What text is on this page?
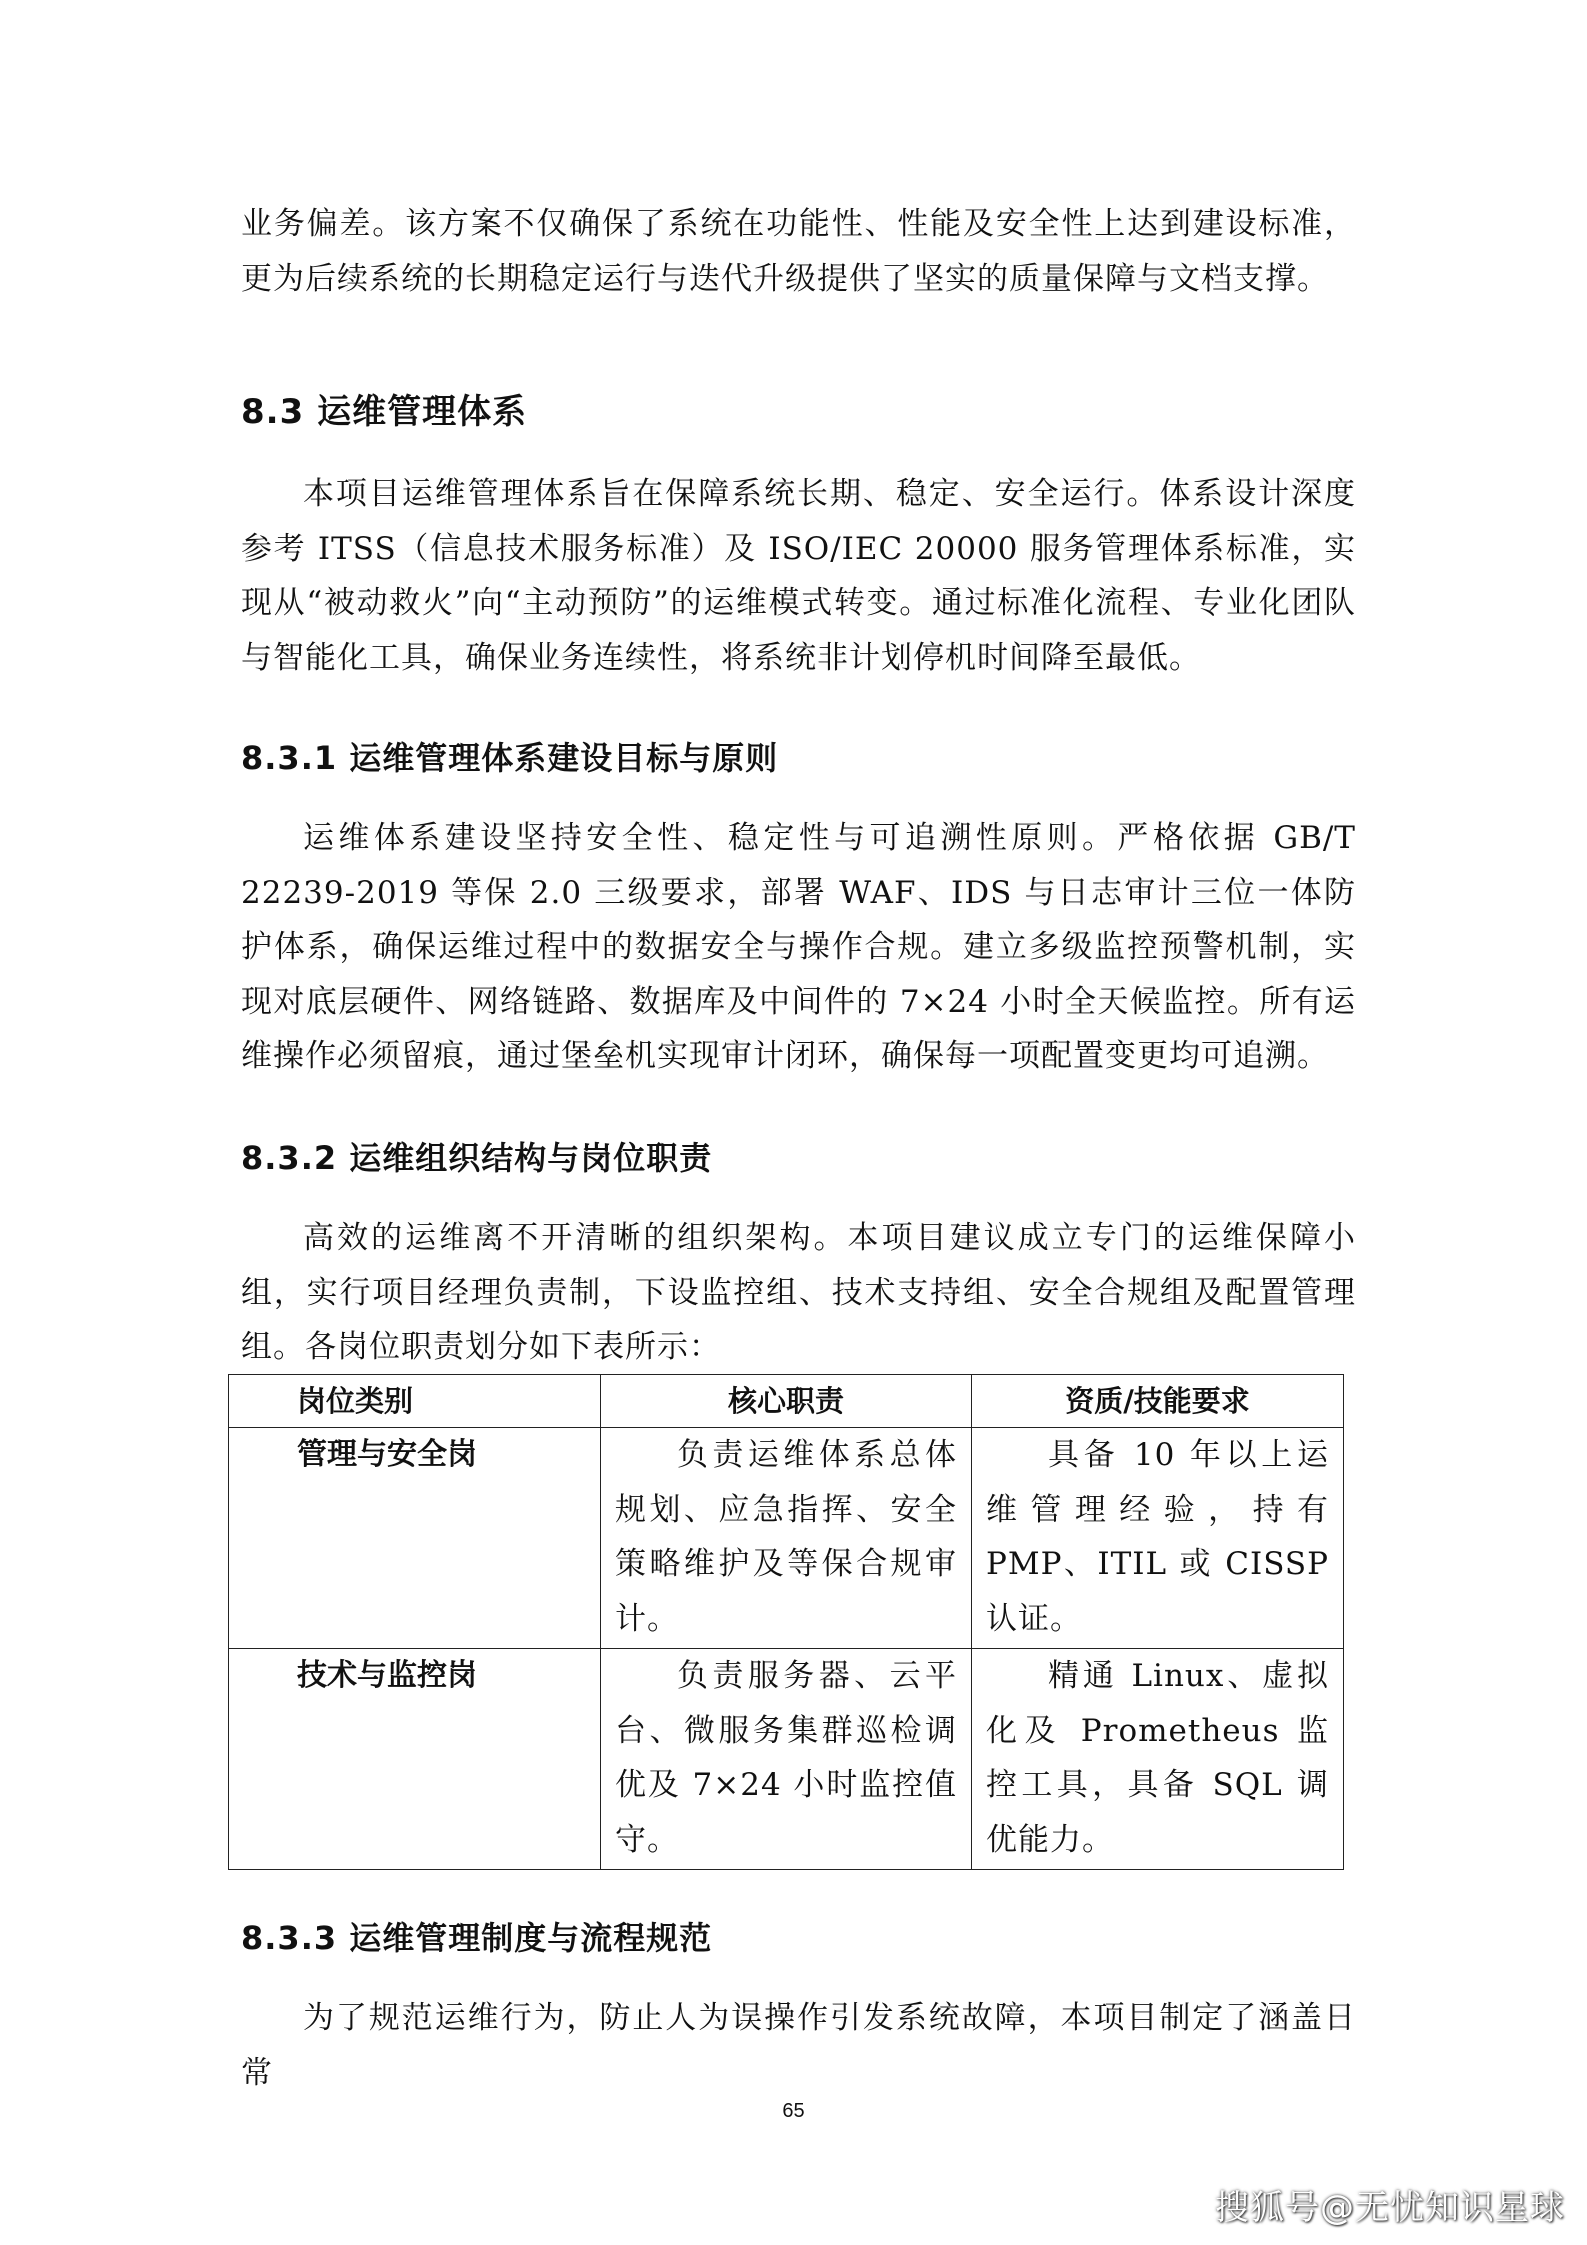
业务偏差。该方案不仅确保了系统在功能性、性能及安全性上达到建设标准，更为后续系统的长期稳定运行与迭代升级提供了坚实的质量保障与文档支撑。

8.3 运维管理体系

本项目运维管理体系旨在保障系统长期、稳定、安全运行。体系设计深度参考 ITSS（信息技术服务标准）及 ISO/IEC 20000 服务管理体系标准，实现从“被动救火”向“主动预防”的运维模式转变。通过标准化流程、专业化团队与智能化工具，确保业务连续性，将系统非计划停机时间降至最低。

8.3.1 运维管理体系建设目标与原则

运维体系建设坚持安全性、稳定性与可追溯性原则。严格依据 GB/T 22239-2019 等保 2.0 三级要求，部署 WAF、IDS 与日志审计三位一体防护体系，确保运维过程中的数据安全与操作合规。建立多级监控预警机制，实现对底层硬件、网络链路、数据库及中间件的 7×24 小时全天候监控。所有运维操作必须留痕，通过堡垒机实现审计闭环，确保每一项配置变更均可追溯。

8.3.2 运维组织结构与岗位职责

高效的运维离不开清晰的组织架构。本项目建议成立专门的运维保障小组，实行项目经理负责制，下设监控组、技术支持组、安全合规组及配置管理组。各岗位职责划分如下表所示：

岗位类别	核心职责	资质/技能要求
管理与安全岗	负责运维体系总体规划、应急指挥、安全策略维护及等保合规审计。	具备 10 年以上运维管理经验，持有 PMP、ITIL 或 CISSP 认证。
技术与监控岗	负责服务器、云平台、微服务集群巡检调优及 7×24 小时监控值守。	精通 Linux、虚拟化及 Prometheus 监控工具，具备 SQL 调优能力。
8.3.3 运维管理制度与流程规范

为了规范运维行为，防止人为误操作引发系统故障，本项目制定了涵盖日常

65
搜狐号@无忧知识星球
